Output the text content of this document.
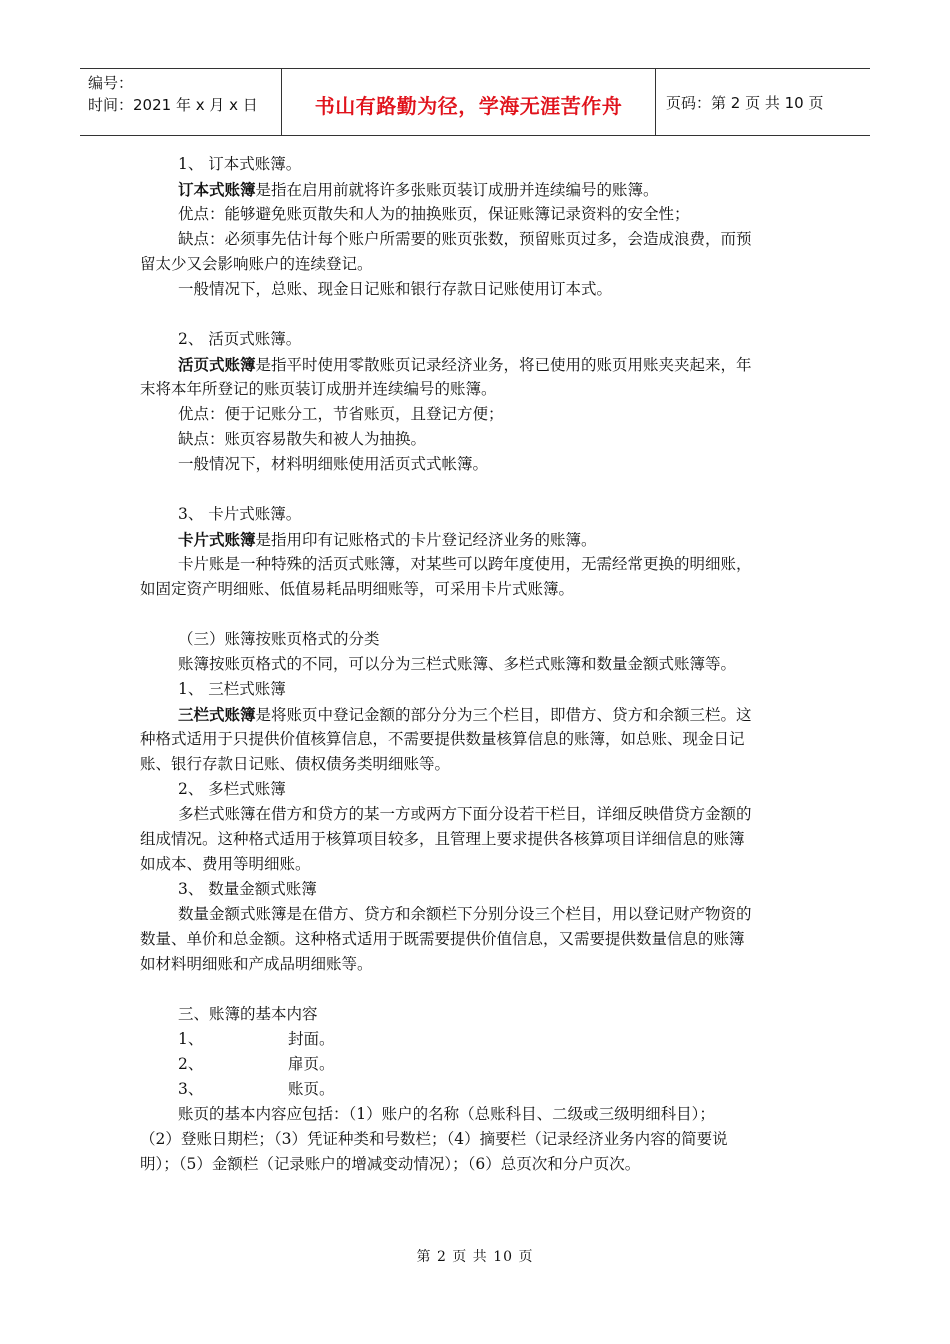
编号：
时间：2021 年 x 月 x 日	书山有路勤为径，学海无涯苦作舟	页码：第 2 页 共 10 页
1、 订本式账簿。
订本式账簿是指在启用前就将许多张账页装订成册并连续编号的账簿。
优点：能够避免账页散失和人为的抽换账页，保证账簿记录资料的安全性；
缺点：必须事先估计每个账户所需要的账页张数，预留账页过多，会造成浪费，而预
留太少又会影响账户的连续登记。
一般情况下，总账、现金日记账和银行存款日记账使用订本式。
2、 活页式账簿。
活页式账簿是指平时使用零散账页记录经济业务，将已使用的账页用账夹夹起来，年
末将本年所登记的账页装订成册并连续编号的账簿。
优点：便于记账分工，节省账页，且登记方便；
缺点：账页容易散失和被人为抽换。
一般情况下，材料明细账使用活页式式帐簿。
3、 卡片式账簿。
卡片式账簿是指用印有记账格式的卡片登记经济业务的账簿。
卡片账是一种特殊的活页式账簿，对某些可以跨年度使用，无需经常更换的明细账，
如固定资产明细账、低值易耗品明细账等，可采用卡片式账簿。
（三）账簿按账页格式的分类
账簿按账页格式的不同，可以分为三栏式账簿、多栏式账簿和数量金额式账簿等。
1、 三栏式账簿
三栏式账簿是将账页中登记金额的部分分为三个栏目，即借方、贷方和余额三栏。这
种格式适用于只提供价值核算信息，不需要提供数量核算信息的账簿，如总账、现金日记
账、银行存款日记账、债权债务类明细账等。
2、 多栏式账簿
多栏式账簿在借方和贷方的某一方或两方下面分设若干栏目，详细反映借贷方金额的
组成情况。这种格式适用于核算项目较多，且管理上要求提供各核算项目详细信息的账簿
如成本、费用等明细账。
3、 数量金额式账簿
数量金额式账簿是在借方、贷方和余额栏下分别分设三个栏目，用以登记财产物资的
数量、单价和总金额。这种格式适用于既需要提供价值信息，又需要提供数量信息的账簿
如材料明细账和产成品明细账等。
三、账簿的基本内容
1、	封面。
2、	扉页。
3、	账页。
账页的基本内容应包括：（1）账户的名称（总账科目、二级或三级明细科目）；
（2）登账日期栏；（3）凭证种类和号数栏；（4）摘要栏（记录经济业务内容的简要说
明）；（5）金额栏（记录账户的增减变动情况）；（6）总页次和分户页次。
第 2 页 共 10 页
